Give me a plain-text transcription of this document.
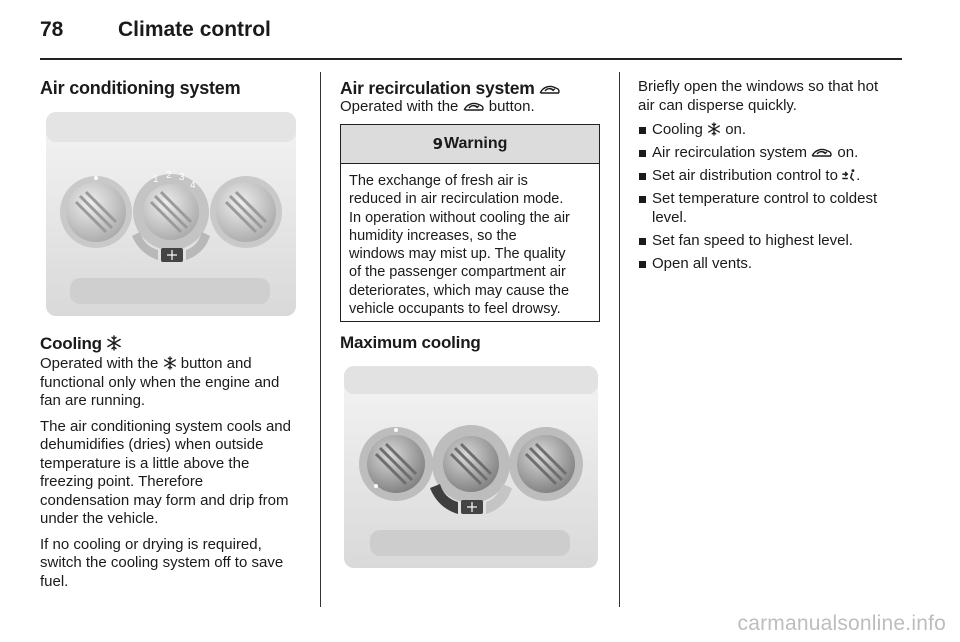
78	Climate control
Air conditioning system
1 2 3
4
Cooling

Operated with the button and
functional only when the engine and
fan are running.

The air conditioning system cools and
dehumidifies (dries) when outside
temperature is a little above the
freezing point. Therefore
condensation may form and drip from
under the vehicle.

If no cooling or drying is required,
switch the cooling system off to save
fuel.

Air recirculation system
Operated with the button.
9 Warning
The exchange of fresh air is
reduced in air recirculation mode.
In operation without cooling the air
humidity increases, so the
windows may mist up. The quality
of the passenger compartment air
deteriorates, which may cause the
vehicle occupants to feel drowsy.
Maximum cooling

Briefly open the windows so that hot
air can disperse quickly.

Cooling on.
Air recirculation system on.
Set air distribution control to .
Set temperature control to coldest
level.
Set fan speed to highest level.
Open all vents.
carmanualsonline.info
